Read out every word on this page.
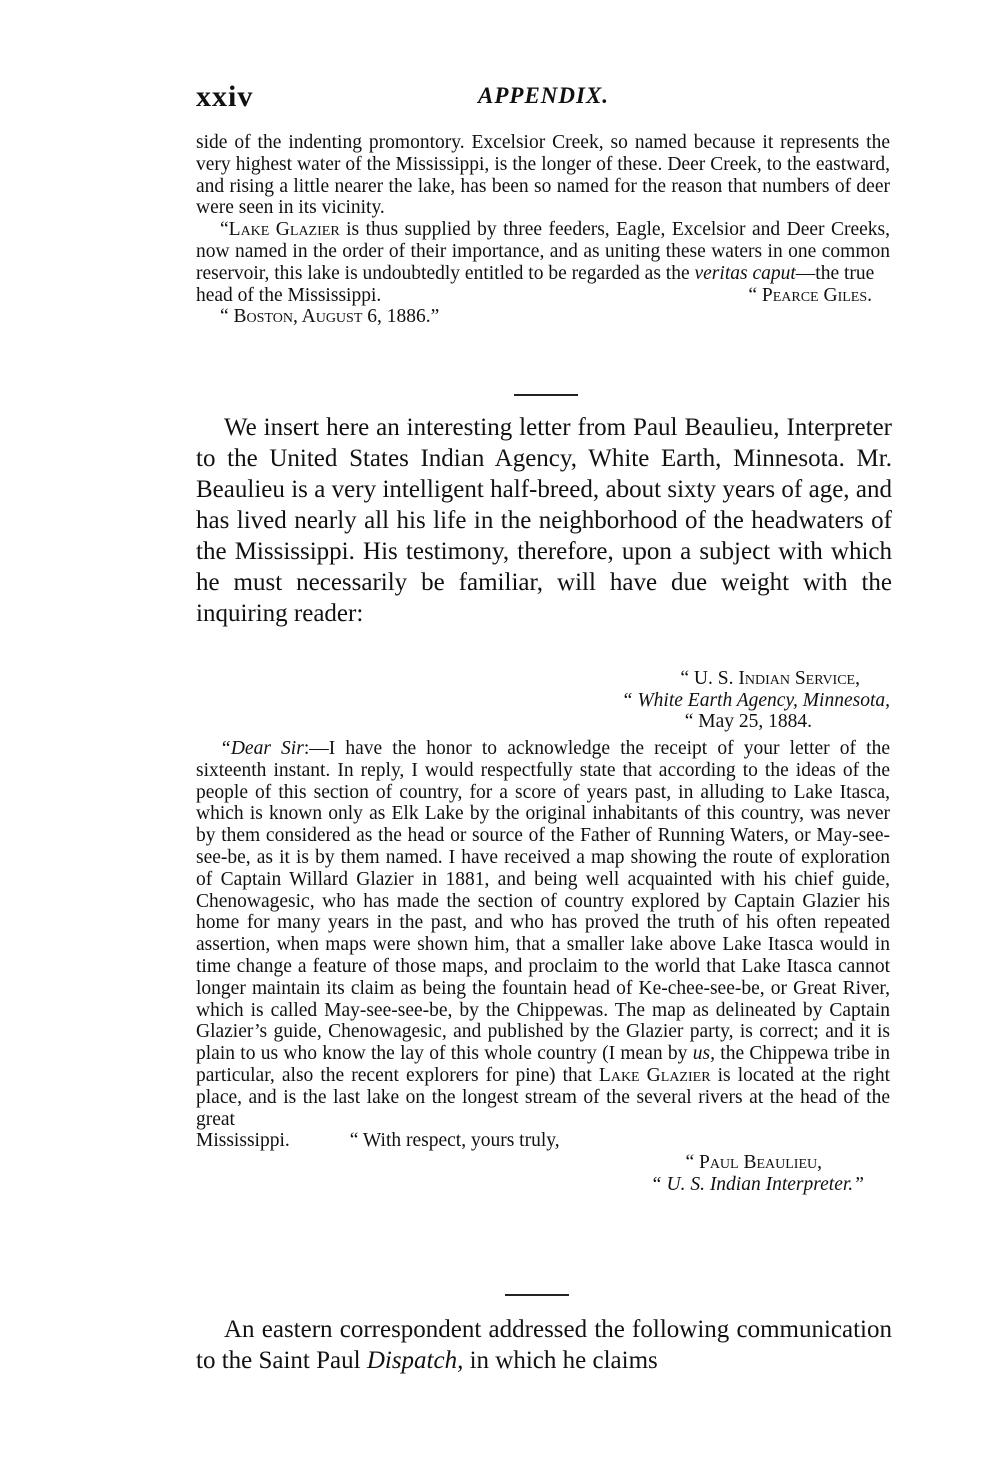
xxiv	APPENDIX.

side of the indenting promontory. Excelsior Creek, so named because it represents the very highest water of the Mississippi, is the longer of these. Deer Creek, to the eastward, and rising a little nearer the lake, has been so named for the reason that numbers of deer were seen in its vicinity.

“Lake Glazier is thus supplied by three feeders, Eagle, Excelsior and Deer Creeks, now named in the order of their importance, and as uniting these waters in one common reservoir, this lake is undoubtedly entitled to be regarded as the veritas caput—the true

head of the Mississippi.	“ Pearce Giles.

“ Boston, August 6, 1886.”

We insert here an interesting letter from Paul Beaulieu, Interpreter to the United States Indian Agency, White Earth, Minnesota. Mr. Beaulieu is a very intelligent half-breed, about sixty years of age, and has lived nearly all his life in the neighborhood of the headwaters of the Mississippi. His testimony, therefore, upon a subject with which he must necessarily be familiar, will have due weight with the inquiring reader:

“ U. S. Indian Service,
“ White Earth Agency, Minnesota,
“ May 25, 1884.

“Dear Sir:—I have the honor to acknowledge the receipt of your letter of the sixteenth instant. In reply, I would respectfully state that according to the ideas of the people of this section of country, for a score of years past, in alluding to Lake Itasca, which is known only as Elk Lake by the original inhabitants of this country, was never by them considered as the head or source of the Father of Running Waters, or May-see-see-be, as it is by them named. I have received a map showing the route of exploration of Captain Willard Glazier in 1881, and being well acquainted with his chief guide, Chenowagesic, who has made the section of country explored by Captain Glazier his home for many years in the past, and who has proved the truth of his often repeated assertion, when maps were shown him, that a smaller lake above Lake Itasca would in time change a feature of those maps, and proclaim to the world that Lake Itasca cannot longer maintain its claim as being the fountain head of Ke-chee-see-be, or Great River, which is called May-see-see-be, by the Chippewas. The map as delineated by Captain Glazier’s guide, Chenowagesic, and published by the Glazier party, is correct; and it is plain to us who know the lay of this whole country (I mean by us, the Chippewa tribe in particular, also the recent explorers for pine) that Lake Glazier is located at the right place, and is the last lake on the longest stream of the several rivers at the head of the great

Mississippi.	“ With respect, yours truly,
“ Paul Beaulieu,
“ U. S. Indian Interpreter.”

An eastern correspondent addressed the following communication to the Saint Paul Dispatch, in which he claims
